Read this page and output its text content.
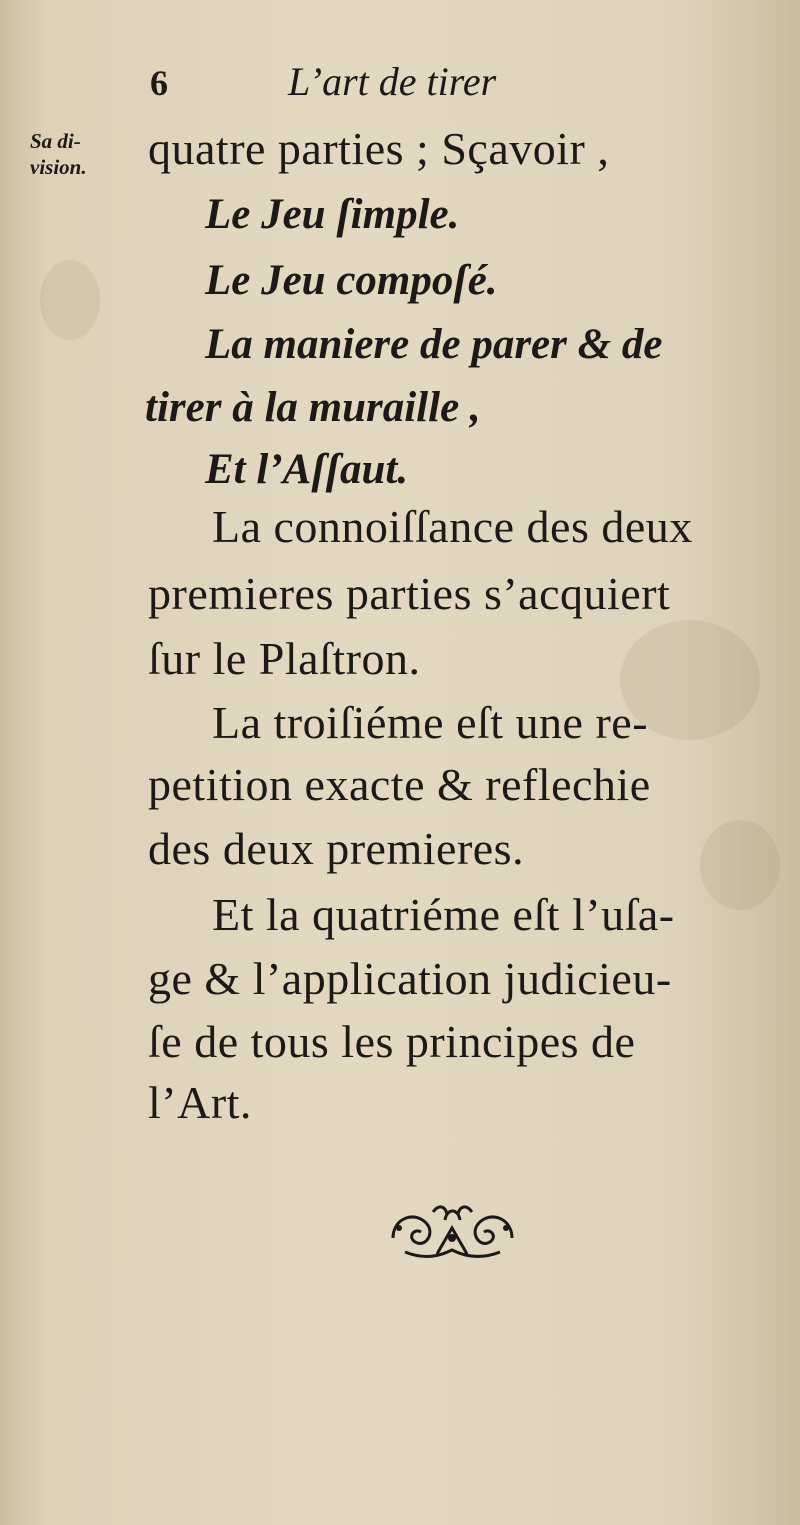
6	L’art de tirer
Sa di-
vision. quatre parties ; Sçavoir ,
Le Jeu ſimple.
Le Jeu compoſé.
La maniere de parer & de
tirer à la muraille ,
Et l’Aſſaut.
La connoiſſance des deux
premieres parties s’acquiert
ſur le Plaſtron.
La troiſiéme eſt une re-
petition exacte & reflechie
des deux premieres.
Et la quatriéme eſt l’uſa-
ge & l’application judicieu-
ſe de tous les principes de
l’Art.
